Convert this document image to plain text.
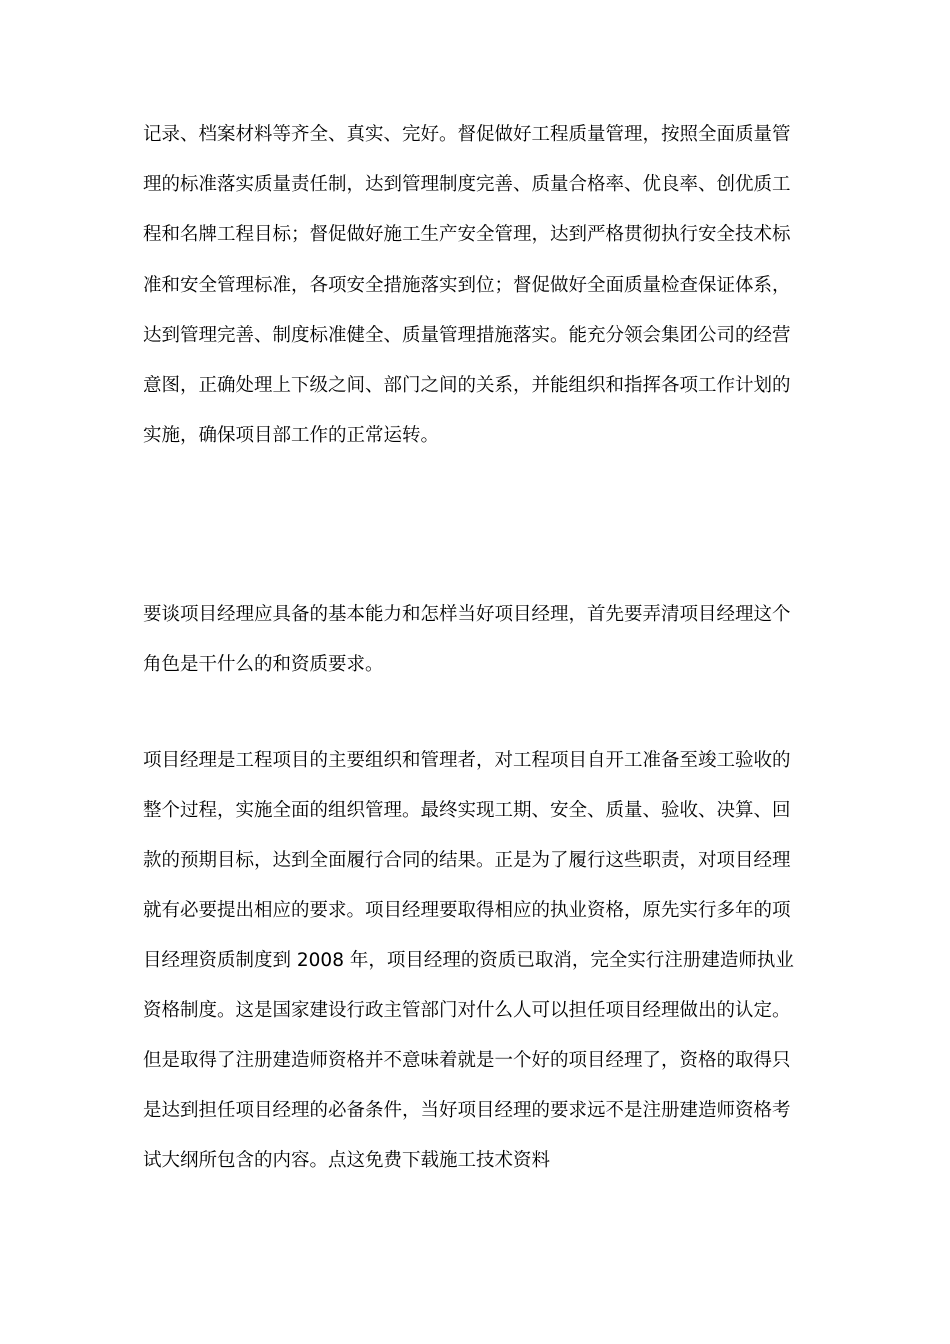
记录、档案材料等齐全、真实、完好。督促做好工程质量管理，按照全面质量管

理的标准落实质量责任制，达到管理制度完善、质量合格率、优良率、创优质工

程和名牌工程目标；督促做好施工生产安全管理，达到严格贯彻执行安全技术标

准和安全管理标准，各项安全措施落实到位；督促做好全面质量检查保证体系，

达到管理完善、制度标准健全、质量管理措施落实。能充分领会集团公司的经营

意图，正确处理上下级之间、部门之间的关系，并能组织和指挥各项工作计划的

实施，确保项目部工作的正常运转。

要谈项目经理应具备的基本能力和怎样当好项目经理，首先要弄清项目经理这个

角色是干什么的和资质要求。

项目经理是工程项目的主要组织和管理者，对工程项目自开工准备至竣工验收的

整个过程，实施全面的组织管理。最终实现工期、安全、质量、验收、决算、回

款的预期目标，达到全面履行合同的结果。正是为了履行这些职责，对项目经理

就有必要提出相应的要求。项目经理要取得相应的执业资格，原先实行多年的项

目经理资质制度到 2008 年，项目经理的资质已取消，完全实行注册建造师执业

资格制度。这是国家建设行政主管部门对什么人可以担任项目经理做出的认定。

但是取得了注册建造师资格并不意味着就是一个好的项目经理了，资格的取得只

是达到担任项目经理的必备条件，当好项目经理的要求远不是注册建造师资格考

试大纲所包含的内容。点这免费下载施工技术资料
